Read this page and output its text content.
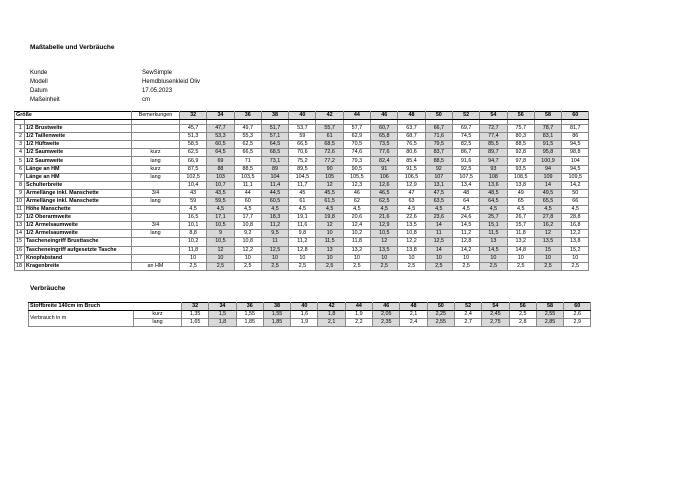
Maßtabelle und Verbräuche
Kunde	SewSimple
Modell	Hemdblusenkleid Oliv
Datum	17.05.2023
Maßeinheit	cm
Größe		Bemerkungen	32	34	36	38	40	42	44	46	48	50	52	54	56	58	60

1	1/2 Brustweite		45,7	47,7	49,7	51,7	53,7	55,7	57,7	60,7	63,7	66,7	69,7	72,7	75,7	78,7	81,7
2	1/2 Taillenweite		51,3	53,3	55,3	57,1	59	61	62,9	65,8	68,7	71,6	74,5	77,4	80,3	83,1	86
3	1/2 Hüftweite		58,5	60,5	62,5	64,5	66,5	68,5	70,5	73,5	76,5	79,5	82,5	85,5	88,5	91,5	94,5
4	1/2 Saumweite	kurz	62,5	64,5	66,5	68,5	70,6	72,6	74,6	77,6	80,6	83,7	86,7	89,7	92,8	95,8	98,8
5	1/2 Saumweite	lang	66,9	69	71	73,1	75,2	77,2	79,3	82,4	85,4	88,5	91,6	94,7	97,8	100,9	104
6	Länge an HM	kurz	87,5	88	88,5	89	89,5	90	90,5	91	91,5	92	92,5	93	93,5	94	94,5
7	Länge an HM	lang	102,5	103	103,5	104	104,5	105	105,5	106	106,5	107	107,5	108	108,5	109	109,5
8	Schulterbreite		10,4	10,7	11,1	11,4	11,7	12	12,3	12,6	12,9	13,1	13,4	13,6	13,8	14	14,2
9	Ärmellänge inkl. Manschette	3/4	43	43,5	44	44,5	45	45,5	46	46,5	47	47,5	48	48,5	49	49,5	50
10	Ärmellänge inkl. Manschette	lang	59	59,5	60	60,5	61	61,5	62	62,5	63	63,5	64	64,5	65	65,5	66
11	Höhe Manschette		4,5	4,5	4,5	4,5	4,5	4,5	4,5	4,5	4,5	4,5	4,5	4,5	4,5	4,5	4,5
12	1/2 Oberarmweite		16,5	17,1	17,7	18,3	19,1	19,8	20,6	21,6	22,6	23,6	24,6	25,7	26,7	27,8	28,8
13	1/2 Ärmelsaumweite	3/4	10,1	10,5	10,8	11,2	11,6	12	12,4	12,9	13,5	14	14,5	15,1	15,7	16,2	16,8
14	1/2 Ärmelsaumweite	lang	8,8	9	9,2	9,5	9,8	10	10,2	10,5	10,8	11	11,2	11,5	11,8	12	12,2
15	Tascheneingriff Brusttasche		10,2	10,5	10,8	11	11,2	11,5	11,8	12	12,2	12,5	12,8	13	13,2	13,5	13,8
16	Tascheneingriff aufgesetzte Tasche		11,8	12	12,2	12,5	12,8	13	13,2	13,5	13,8	14	14,2	14,5	14,8	15	15,2
17	Knopfabstand		10	10	10	10	10	10	10	10	10	10	10	10	10	10	10
18	Kragenbreite	an HM	2,5	2,5	2,5	2,5	2,5	2,5	2,5	2,5	2,5	2,5	2,5	2,5	2,5	2,5	2,5
Verbräuche
Stoffbreite 140cm im Bruch		32	34	36	38	40	42	44	46	48	50	52	54	56	58	60
Verbrauch in m	kurz	1,35	1,5	1,55	1,55	1,6	1,8	1,9	2,05	2,1	2,25	2,4	2,45	2,5	2,55	2,6
	lang	1,65	1,8	1,85	1,85	1,9	2,1	2,2	2,35	2,4	2,55	2,7	2,75	2,8	2,85	2,9
